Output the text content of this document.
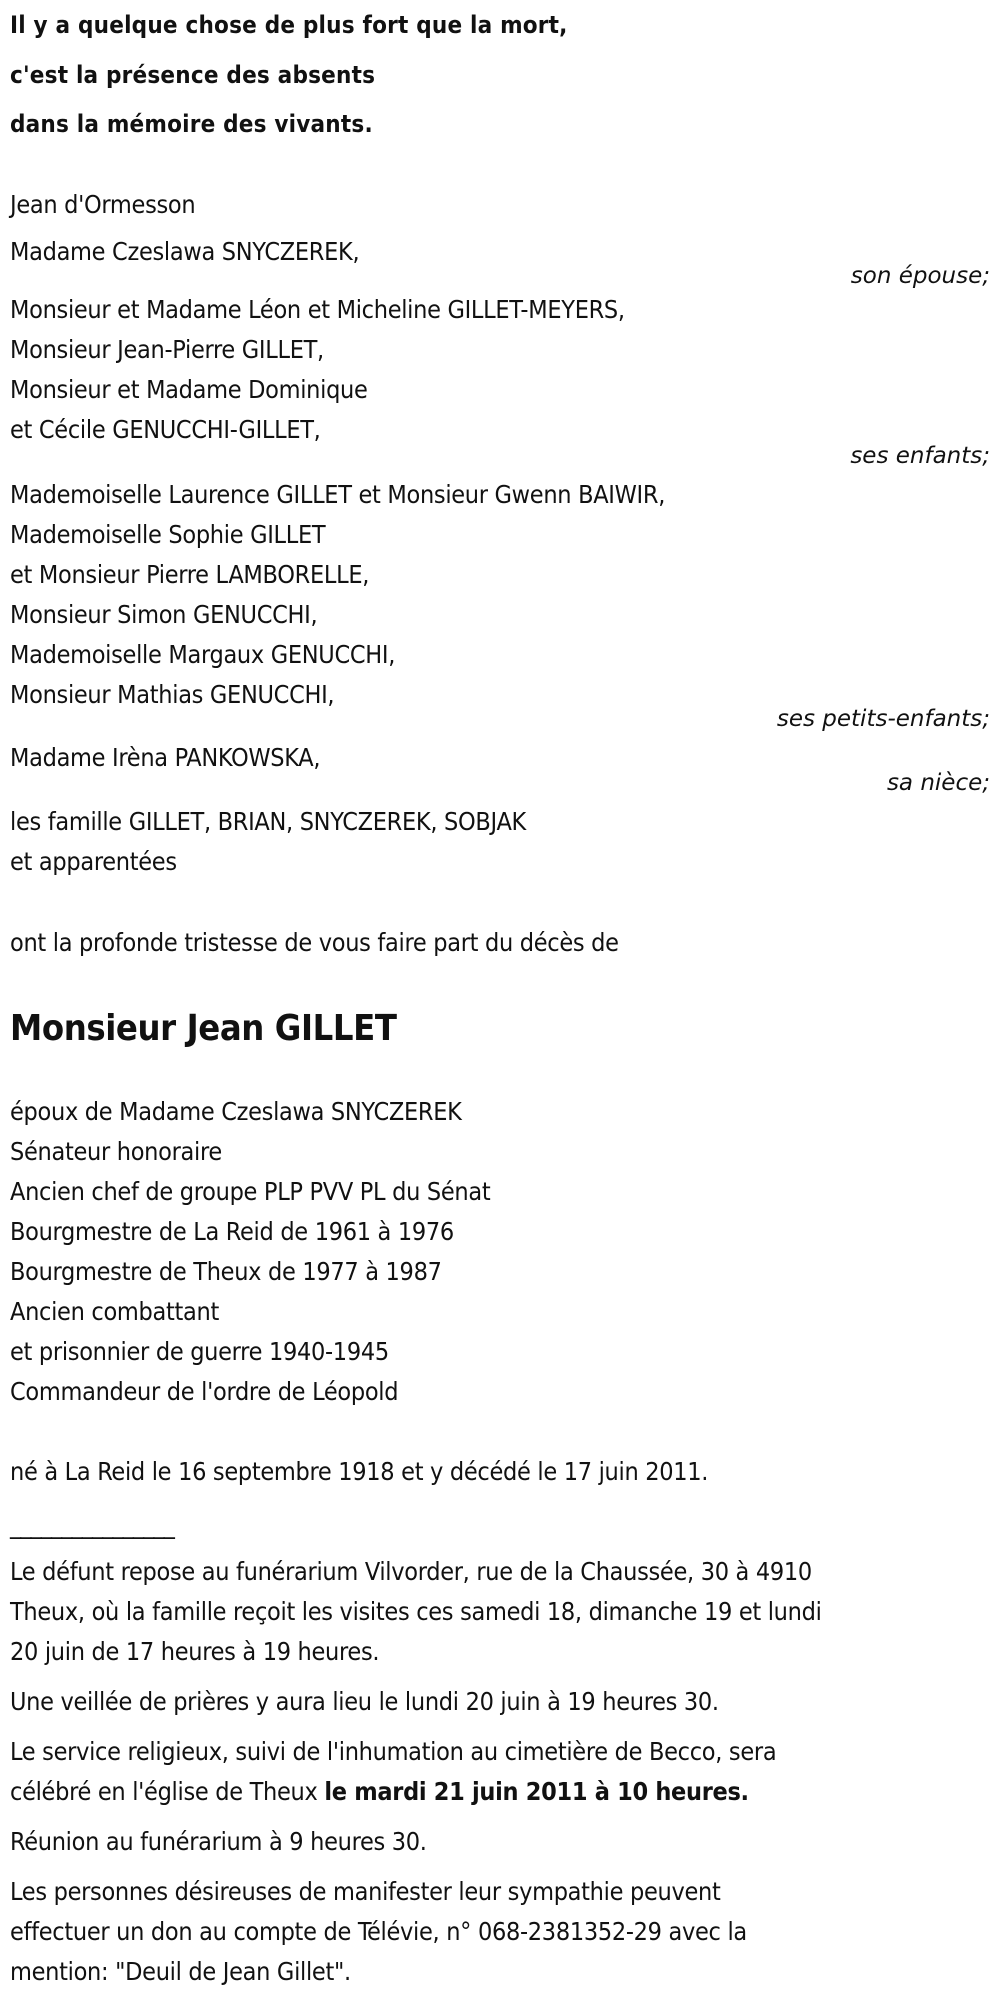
Il y a quelque chose de plus fort que la mort,
c'est la présence des absents
dans la mémoire des vivants.
Jean d'Ormesson
Madame Czeslawa SNYCZEREK,
son épouse;
Monsieur et Madame Léon et Micheline GILLET-MEYERS,
Monsieur Jean-Pierre GILLET,
Monsieur et Madame Dominique
et Cécile GENUCCHI-GILLET,
ses enfants;
Mademoiselle Laurence GILLET et Monsieur Gwenn BAIWIR,
Mademoiselle Sophie GILLET
et Monsieur Pierre LAMBORELLE,
Monsieur Simon GENUCCHI,
Mademoiselle Margaux GENUCCHI,
Monsieur Mathias GENUCCHI,
ses petits-enfants;
Madame Irèna PANKOWSKA,
sa nièce;
les famille GILLET, BRIAN, SNYCZEREK, SOBJAK
et apparentées
ont la profonde tristesse de vous faire part du décès de
Monsieur Jean GILLET
époux de Madame Czeslawa SNYCZEREK
Sénateur honoraire
Ancien chef de groupe PLP PVV PL du Sénat
Bourgmestre de La Reid de 1961 à 1976
Bourgmestre de Theux de 1977 à 1987
Ancien combattant
et prisonnier de guerre 1940-1945
Commandeur de l'ordre de Léopold
né à La Reid le 16 septembre 1918 et y décédé le 17 juin 2011.
________________
Le défunt repose au funérarium Vilvorder, rue de la Chaussée, 30 à 4910
Theux, où la famille reçoit les visites ces samedi 18, dimanche 19 et lundi
20 juin de 17 heures à 19 heures.
Une veillée de prières y aura lieu le lundi 20 juin à 19 heures 30.
Le service religieux, suivi de l'inhumation au cimetière de Becco, sera
célébré en l'église de Theux le mardi 21 juin 2011 à 10 heures.
Réunion au funérarium à 9 heures 30.
Les personnes désireuses de manifester leur sympathie peuvent
effectuer un don au compte de Télévie, n° 068-2381352-29 avec la
mention: "Deuil de Jean Gillet".
